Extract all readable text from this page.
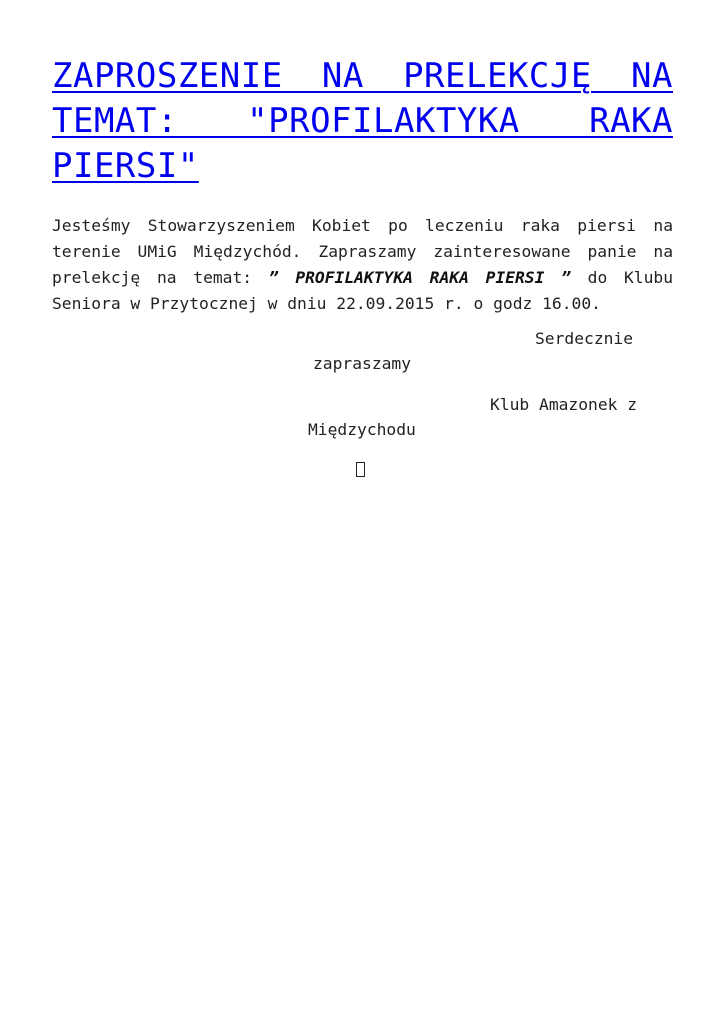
ZAPROSZENIE NA PRELEKCJĘ NA TEMAT: "PROFILAKTYKA RAKA PIERSI"

Jesteśmy Stowarzyszeniem Kobiet po leczeniu raka piersi na terenie UMiG Międzychód. Zapraszamy zainteresowane panie na prelekcję na temat: ” PROFILAKTYKA RAKA PIERSI ” do Klubu Seniora w Przytocznej w dniu 22.09.2015 r. o godz 16.00.

Serdecznie
zapraszamy
Klub Amazonek z
Międzychodu
